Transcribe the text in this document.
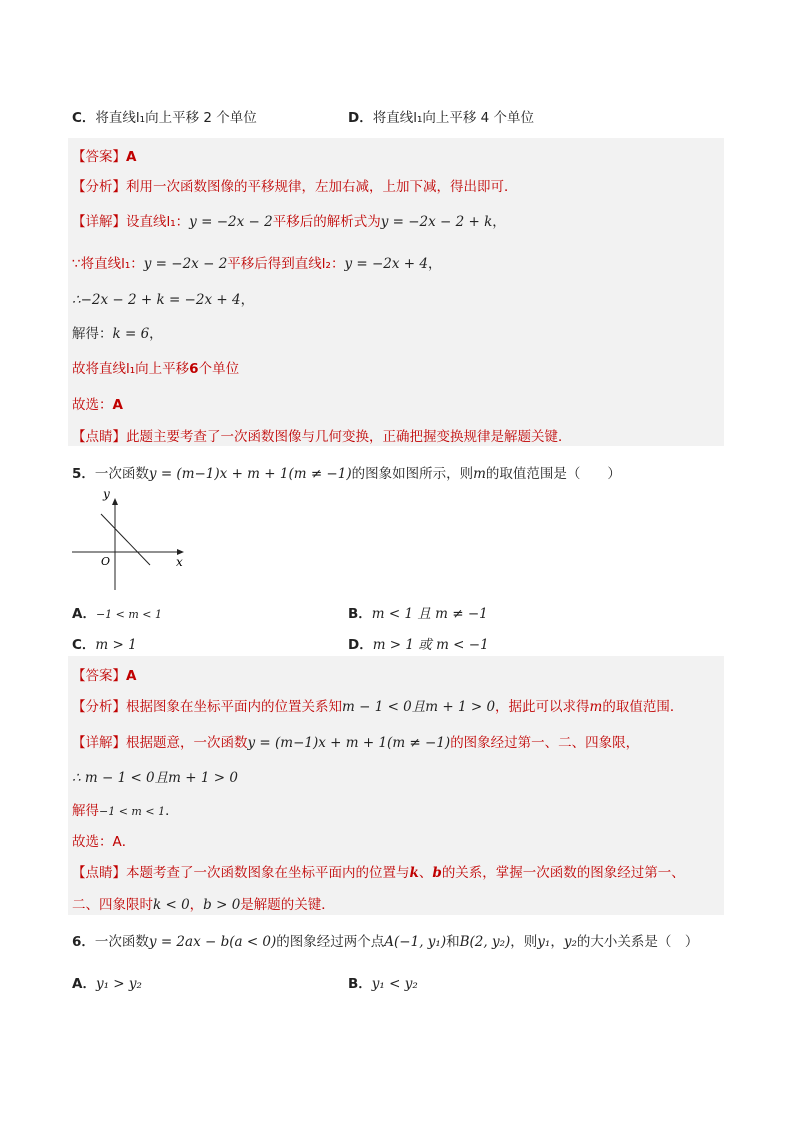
C．将直线l₁向上平移 2 个单位	D．将直线l₁向上平移 4 个单位
【答案】A
【分析】利用一次函数图像的平移规律，左加右减，上加下减，得出即可．
【详解】设直线l₁：y = −2x − 2平移后的解析式为y = −2x − 2 + k，
∵将直线l₁：y = −2x − 2平移后得到直线l₂：y = −2x + 4，
∴−2x − 2 + k = −2x + 4，
解得：k = 6，
故将直线l₁向上平移6个单位
故选：A
【点睛】此题主要考查了一次函数图像与几何变换，正确把握变换规律是解题关键．
5．一次函数y = (m−1)x + m + 1(m ≠ −1)的图象如图所示，则m的取值范围是（　　）
y
x
O
A．−1 < m < 1	B．m < 1 且 m ≠ −1
C．m > 1	D．m > 1 或 m < −1
【答案】A
【分析】根据图象在坐标平面内的位置关系知m − 1 < 0且m + 1 > 0，据此可以求得m的取值范围．
【详解】根据题意，一次函数y = (m−1)x + m + 1(m ≠ −1)的图象经过第一、二、四象限，
∴ m − 1 < 0且m + 1 > 0
解得−1 < m < 1．
故选：A．
【点睛】本题考查了一次函数图象在坐标平面内的位置与k、b的关系，掌握一次函数的图象经过第一、
二、四象限时k < 0，b > 0是解题的关键．
6．一次函数y = 2ax − b(a < 0)的图象经过两个点A(−1, y₁)和B(2, y₂)，则y₁，y₂的大小关系是（　）
A．y₁ > y₂	B．y₁ < y₂
